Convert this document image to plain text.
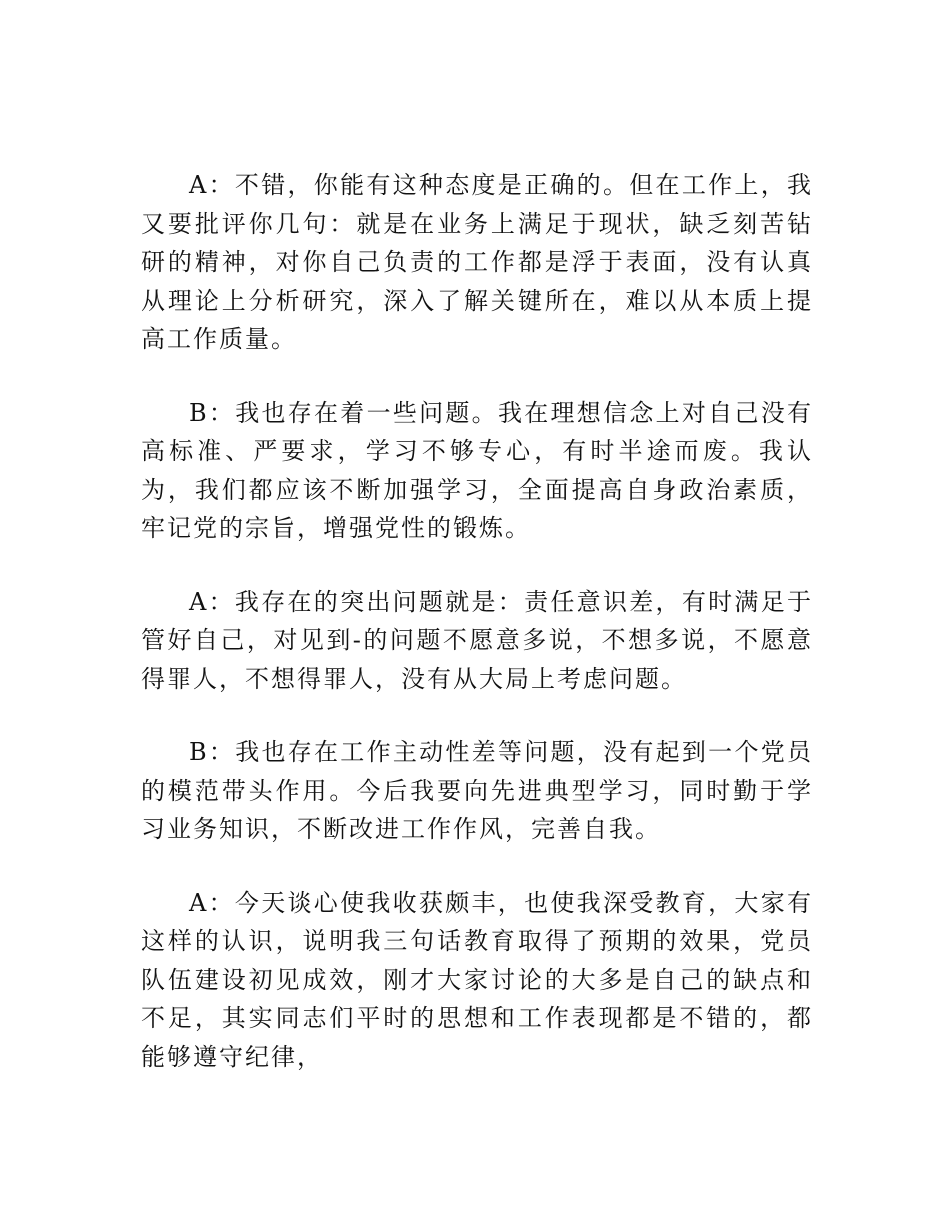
A：不错，你能有这种态度是正确的。但在工作上，我又要批评你几句：就是在业务上满足于现状，缺乏刻苦钻研的精神，对你自己负责的工作都是浮于表面，没有认真从理论上分析研究，深入了解关键所在，难以从本质上提高工作质量。

B：我也存在着一些问题。我在理想信念上对自己没有高标准、严要求，学习不够专心，有时半途而废。我认为，我们都应该不断加强学习，全面提高自身政治素质，牢记党的宗旨，增强党性的锻炼。

A：我存在的突出问题就是：责任意识差，有时满足于管好自己，对见到-的问题不愿意多说，不想多说，不愿意得罪人，不想得罪人，没有从大局上考虑问题。

B：我也存在工作主动性差等问题，没有起到一个党员的模范带头作用。今后我要向先进典型学习，同时勤于学习业务知识，不断改进工作作风，完善自我。

A：今天谈心使我收获颇丰，也使我深受教育，大家有这样的认识，说明我三句话教育取得了预期的效果，党员队伍建设初见成效，刚才大家讨论的大多是自己的缺点和不足，其实同志们平时的思想和工作表现都是不错的，都能够遵守纪律，
